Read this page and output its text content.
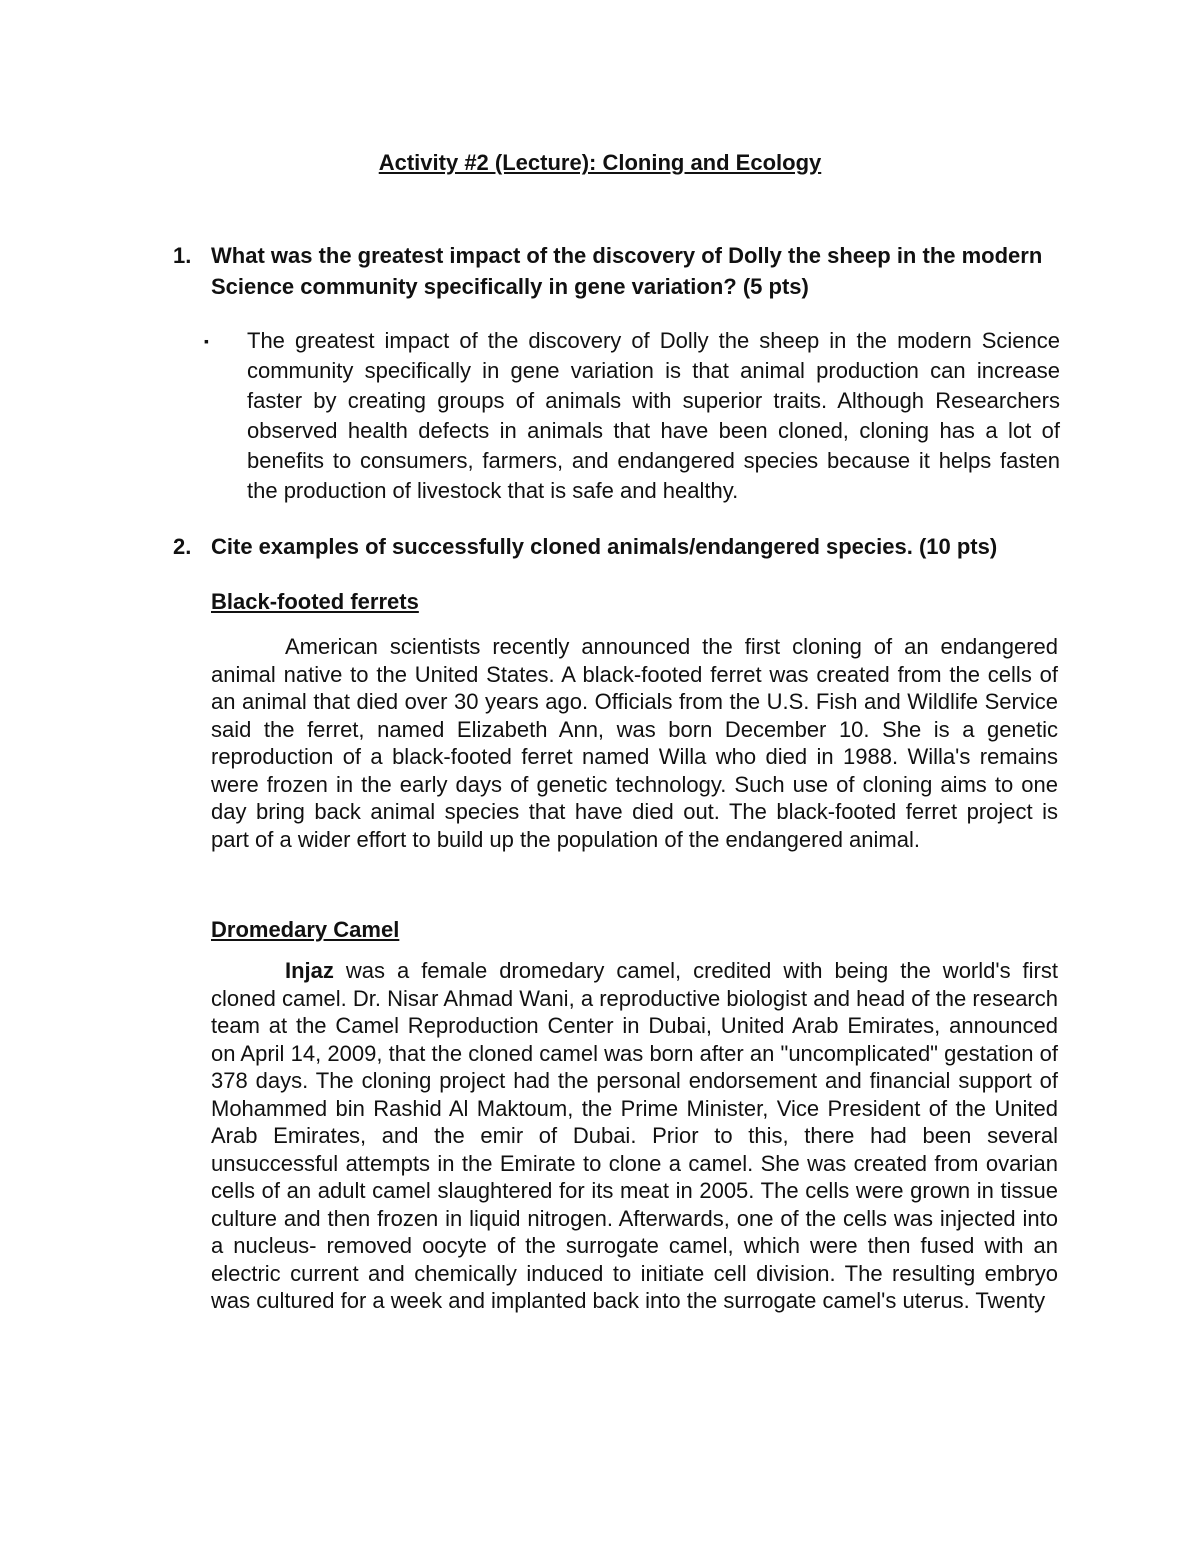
Activity #2 (Lecture): Cloning and Ecology
1. What was the greatest impact of the discovery of Dolly the sheep in the modern Science community specifically in gene variation? (5 pts)
▪ The greatest impact of the discovery of Dolly the sheep in the modern Science community specifically in gene variation is that animal production can increase faster by creating groups of animals with superior traits. Although Researchers observed health defects in animals that have been cloned, cloning has a lot of benefits to consumers, farmers, and endangered species because it helps fasten the production of livestock that is safe and healthy.
2. Cite examples of successfully cloned animals/endangered species. (10 pts)
Black-footed ferrets

American scientists recently announced the first cloning of an endangered animal native to the United States. A black-footed ferret was created from the cells of an animal that died over 30 years ago. Officials from the U.S. Fish and Wildlife Service said the ferret, named Elizabeth Ann, was born December 10. She is a genetic reproduction of a black-footed ferret named Willa who died in 1988. Willa's remains were frozen in the early days of genetic technology. Such use of cloning aims to one day bring back animal species that have died out. The black-footed ferret project is part of a wider effort to build up the population of the endangered animal.

Dromedary Camel

Injaz was a female dromedary camel, credited with being the world's first cloned camel. Dr. Nisar Ahmad Wani, a reproductive biologist and head of the research team at the Camel Reproduction Center in Dubai, United Arab Emirates, announced on April 14, 2009, that the cloned camel was born after an "uncomplicated" gestation of 378 days. The cloning project had the personal endorsement and financial support of Mohammed bin Rashid Al Maktoum, the Prime Minister, Vice President of the United Arab Emirates, and the emir of Dubai. Prior to this, there had been several unsuccessful attempts in the Emirate to clone a camel. She was created from ovarian cells of an adult camel slaughtered for its meat in 2005. The cells were grown in tissue culture and then frozen in liquid nitrogen. Afterwards, one of the cells was injected into a nucleus- removed oocyte of the surrogate camel, which were then fused with an electric current and chemically induced to initiate cell division. The resulting embryo was cultured for a week and implanted back into the surrogate camel's uterus. Twenty
